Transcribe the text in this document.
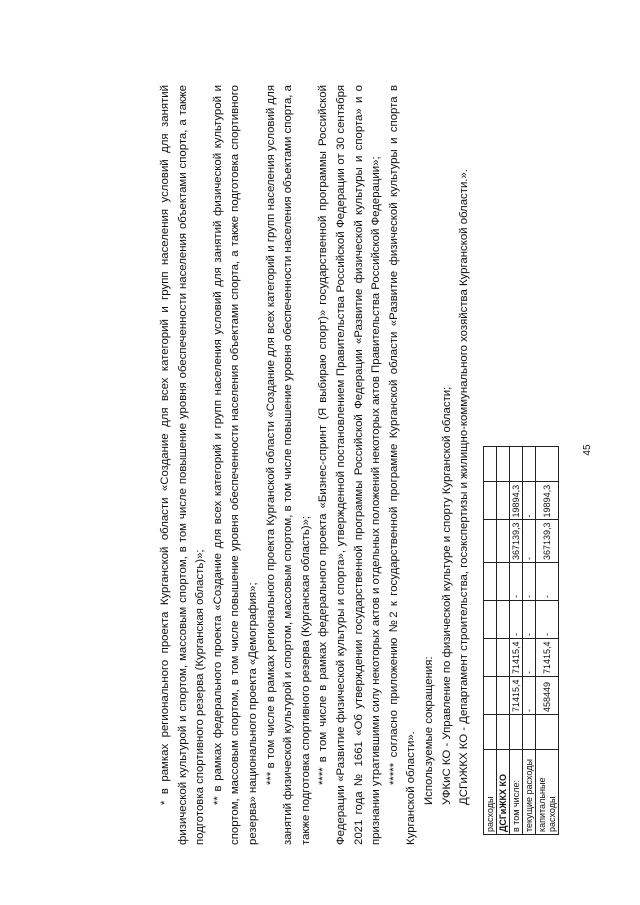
45
расходы								
ДСГиЖКХ КО								
в том числе:		71415,4	71415,4	-	-	367139,3	19894,3	
текущие расходы		-	-	-	-	-	-	
капитальные расходы		458449	71415,4	-	-	367139,3	19894,3	

* в рамках регионального проекта Курганской области «Создание для всех категорий и групп населения условий для занятий физической культурой и спортом, массовым спортом, в том числе повышение уровня обеспеченности населения объектами спорта, а также подготовка спортивного резерва (Курганская область)»; ** в рамках федерального проекта «Создание для всех категорий и групп населения условий для занятий физической культурой и спортом, массовым спортом, в том числе повышение уровня обеспеченности населения объектами спорта, а также подготовка спортивного резерва» национального проекта «Демография»; *** в том числе в рамках регионального проекта Курганской области «Создание для всех категорий и групп населения условий для занятий физической культурой и спортом, массовым спортом, в том числе повышение уровня обеспеченности населения объектами спорта, а также подготовка спортивного резерва (Курганская область)»; **** в том числе в рамках федерального проекта «Бизнес-спринт (Я выбираю спорт)» государственной программы Российской Федерации «Развитие физической культуры и спорта», утвержденной постановлением Правительства Российской Федерации от 30 сентября 2021 года № 1661 «Об утверждении государственной программы Российской Федерации «Развитие физической культуры и спорта» и о признании утратившими силу некоторых актов и отдельных положений некоторых актов Правительства Российской Федерации»; ***** согласно приложению №2 к государственной программе Курганской области «Развитие физической культуры и спорта в Курганской области». Используемые сокращения: УФКиС КО - Управление по физической культуре и спорту Курганской области; ДСГиЖКХ КО - Департамент строительства, госэкспертизы и жилищно-коммунального хозяйства Курганской области.».
